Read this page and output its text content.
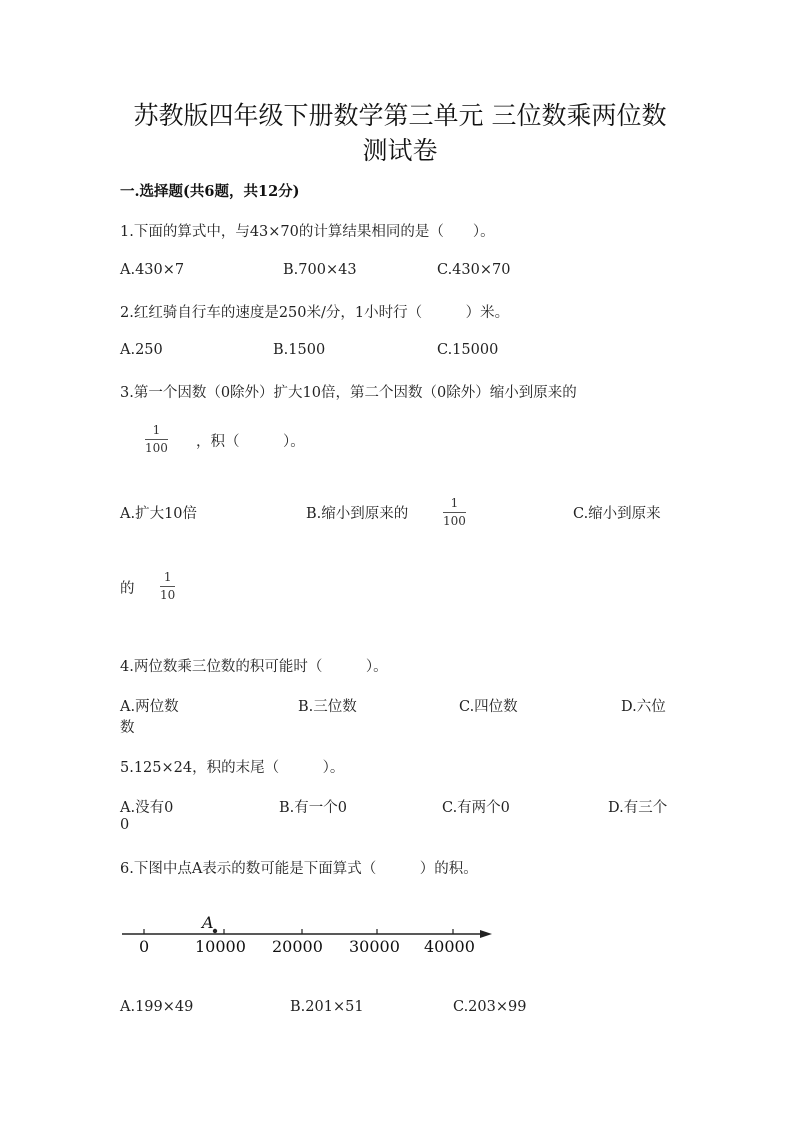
苏教版四年级下册数学第三单元 三位数乘两位数
测试卷
一.选择题(共6题，共12分)
1.下面的算式中，与43×70的计算结果相同的是（　　）。
A.430×7	B.700×43	C.430×70
2.红红骑自行车的速度是250米/分，1小时行（　　　）米。
A.250	B.1500	C.15000
3.第一个因数（0除外）扩大10倍，第二个因数（0除外）缩小到原来的
1
100 ，积（　　　）。
A.扩大10倍	B.缩小到原来的
1
100	C.缩小到原来
的
1
10
4.两位数乘三位数的积可能时（　　　）。
A.两位数	B.三位数	C.四位数	D.六位
数
5.125×24，积的末尾（　　　）。
A.没有0	B.有一个0	C.有两个0	D.有三个
0
6.下图中点A表示的数可能是下面算式（　　　）的积。
A
0	10000 20000 30000 40000
A.199×49	B.201×51	C.203×99
